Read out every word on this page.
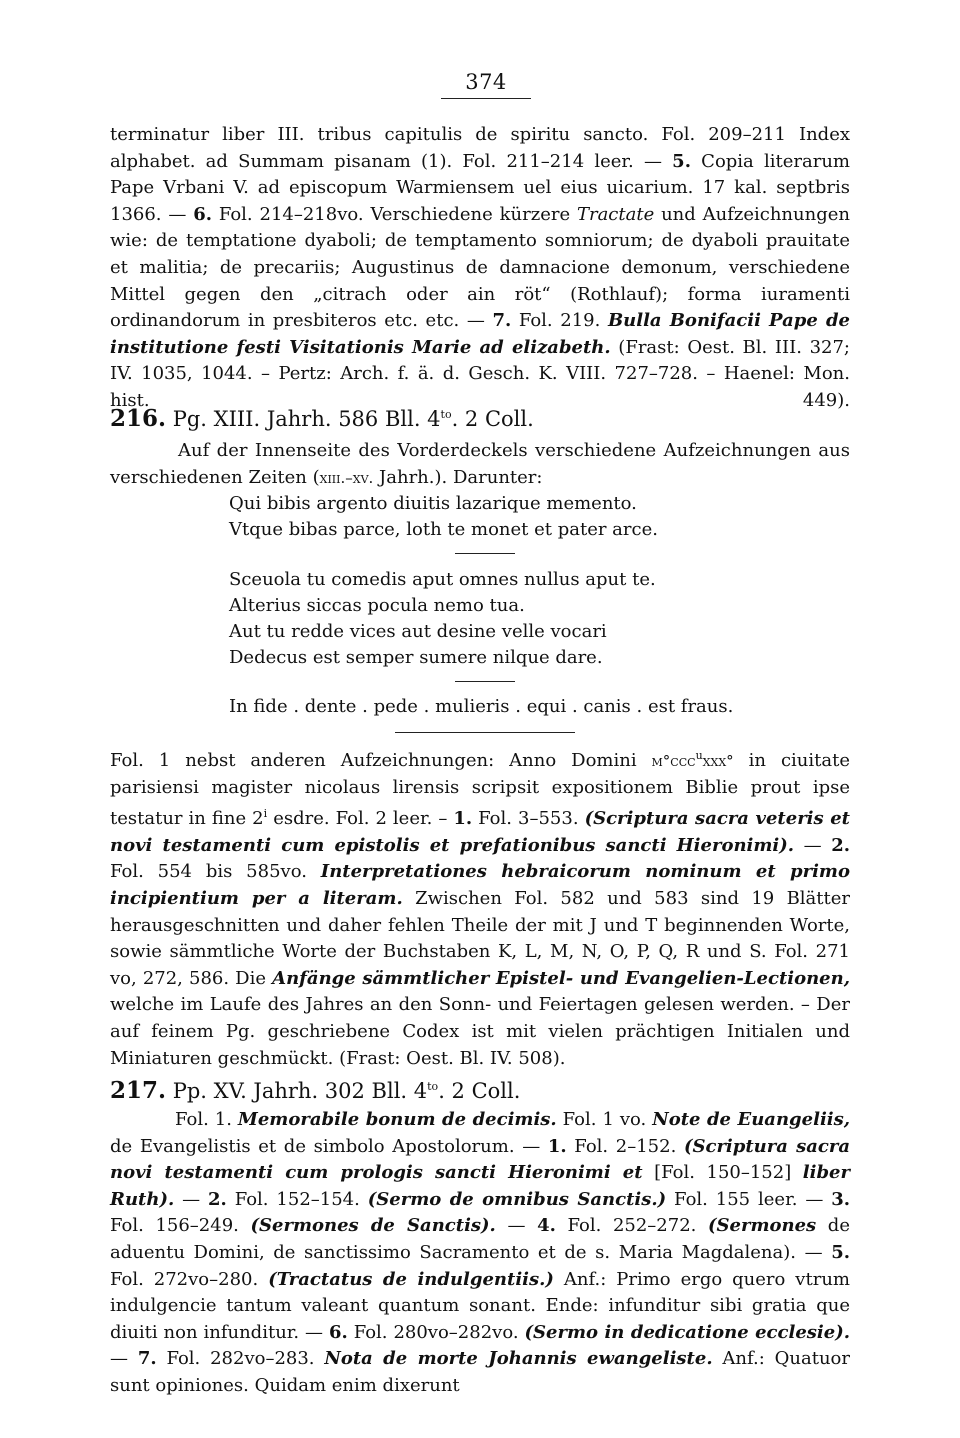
374

terminatur liber III. tribus capitulis de spiritu sancto. Fol. 209–211 Index alphabet. ad Summam pisanam (1). Fol. 211–214 leer. — 5. Copia literarum Pape Vrbani V. ad episcopum Warmiensem uel eius uicarium. 17 kal. septbris 1366. — 6. Fol. 214–218vo. Verschiedene kürzere Tractate und Aufzeichnungen wie: de temptatione dyaboli; de temptamento somniorum; de dyaboli prauitate et malitia; de precariis; Augustinus de damnacione demonum, verschiedene Mittel gegen den „citrach oder ain röt“ (Rothlauf); forma iuramenti ordinandorum in presbiteros etc. etc. — 7. Fol. 219. Bulla Bonifacii Pape de institutione festi Visitationis Marie ad elizabeth. (Frast: Oest. Bl. III. 327; IV. 1035, 1044. – Pertz: Arch. f. ä. d. Gesch. K. VIII. 727–728. – Haenel: Mon. hist. 449).

216. Pg. XIII. Jahrh. 586 Bll. $4^{to}$. 2 Coll.

Auf der Innenseite des Vorderdeckels verschiedene Aufzeichnungen aus verschiedenen Zeiten (xiii.–xv. Jahrh.). Darunter:

Qui bibis argento diuitis lazarique memento.

Vtque bibas parce, loth te monet et pater arce.

Sceuola tu comedis aput omnes nullus aput te.

Alterius siccas pocula nemo tua.

Aut tu redde vices aut desine velle vocari

Dedecus est semper sumere nilque dare.

In fide . dente . pede . mulieris . equi . canis . est fraus.

Fol. 1 nebst anderen Aufzeichnungen: Anno Domini m°ccc$^u$xxx° in ciuitate parisiensi magister nicolaus lirensis scripsit expositionem Biblie prout ipse testatur in fine 2$^i$ esdre. Fol. 2 leer. – 1. Fol. 3–553. (Scriptura sacra veteris et novi testamenti cum epistolis et prefationibus sancti Hieronimi). — 2. Fol. 554 bis 585vo. Interpretationes hebraicorum nominum et primo incipientium per a literam. Zwischen Fol. 582 und 583 sind 19 Blätter herausgeschnitten und daher fehlen Theile der mit J und T beginnenden Worte, sowie sämmtliche Worte der Buchstaben K, L, M, N, O, P, Q, R und S. Fol. 271 vo, 272, 586. Die Anfänge sämmtlicher Epistel- und Evangelien-Lectionen, welche im Laufe des Jahres an den Sonn- und Feiertagen gelesen werden. – Der auf feinem Pg. geschriebene Codex ist mit vielen prächtigen Initialen und Miniaturen geschmückt. (Frast: Oest. Bl. IV. 508).

217. Pp. XV. Jahrh. 302 Bll. $4^{to}$. 2 Coll.

Fol. 1. Memorabile bonum de decimis. Fol. 1 vo. Note de Euangeliis, de Evangelistis et de simbolo Apostolorum. — 1. Fol. 2–152. (Scriptura sacra novi testamenti cum prologis sancti Hieronimi et [Fol. 150–152] liber Ruth). — 2. Fol. 152–154. (Sermo de omnibus Sanctis.) Fol. 155 leer. — 3. Fol. 156–249. (Sermones de Sanctis). — 4. Fol. 252–272. (Sermones de aduentu Domini, de sanctissimo Sacramento et de s. Maria Magdalena). — 5. Fol. 272vo–280. (Tractatus de indulgentiis.) Anf.: Primo ergo quero vtrum indulgencie tantum valeant quantum sonant. Ende: infunditur sibi gratia que diuiti non infunditur. — 6. Fol. 280vo–282vo. (Sermo in dedicatione ecclesie). — 7. Fol. 282vo–283. Nota de morte Johannis ewangeliste. Anf.: Quatuor sunt opiniones. Quidam enim dixerunt
